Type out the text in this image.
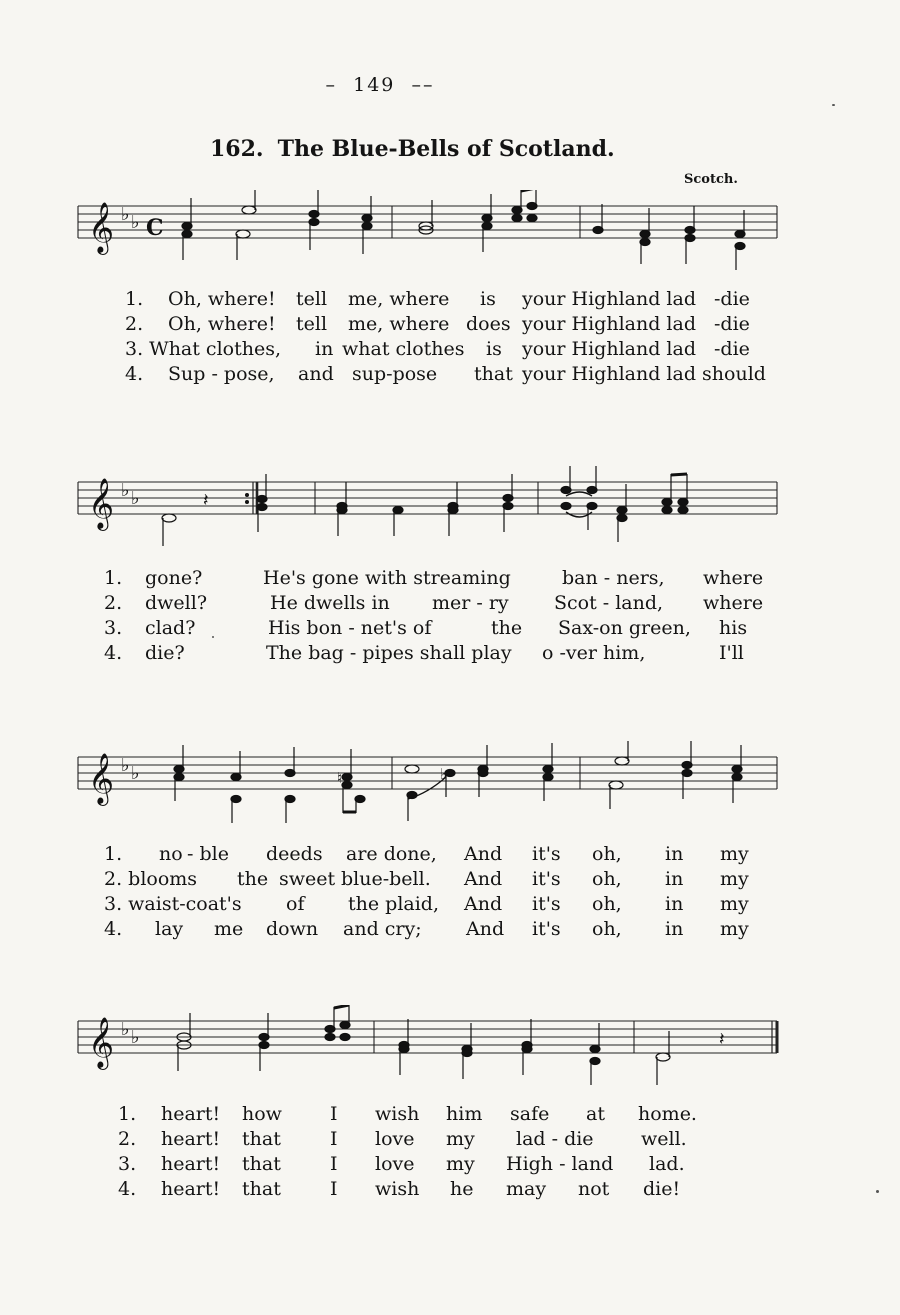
–  149  ––
162. The Blue-Bells of Scotland.
Scotch.
𝄞 ♭ ♭ C
1. Oh, where! tell me, where is your Highland lad -die
2. Oh, where! tell me, where does your Highland lad -die
3. What clothes, in what clothes is your Highland lad -die
4. Sup - pose, and sup-pose that your Highland lad should
𝄞 ♭ ♭	𝄽
1. gone?	He's gone with streaming	ban - ners, where
2. dwell?	He dwells in mer - ry Scot - land, where
3. clad?	His bon - net's of	the Sax-on green, his
4. die?	The bag - pipes shall play o -ver him,	I'll
𝄞 ♭ ♭	♮	♭
1. no - ble deeds are done, And it's oh, in my
2. blooms the sweet blue-bell. And it's oh, in my
3. waist-coat's of the plaid, And it's oh, in my
4. lay me down and cry; And it's oh, in my
𝄞 ♭ ♭	𝄽
1. heart! how	I wish him safe at home.
2. heart! that	I love my lad - die well.
3. heart! that	I love my High - land lad.
4. heart! that	I wish he may not die!
